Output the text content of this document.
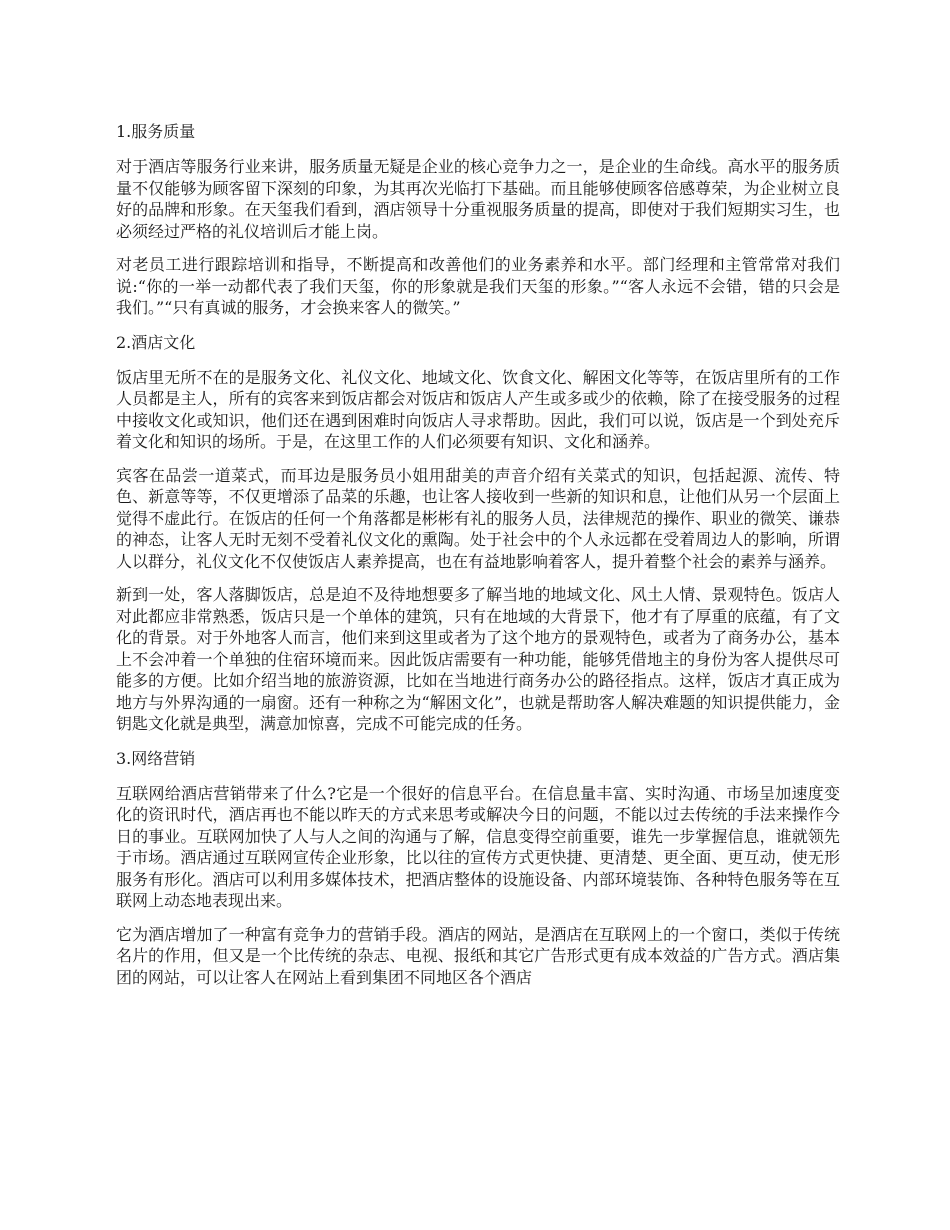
1.服务质量

对于酒店等服务行业来讲，服务质量无疑是企业的核心竞争力之一，是企业的生命线。高水平的服务质量不仅能够为顾客留下深刻的印象，为其再次光临打下基础。而且能够使顾客倍感尊荣，为企业树立良好的品牌和形象。在天玺我们看到，酒店领导十分重视服务质量的提高，即使对于我们短期实习生，也必须经过严格的礼仪培训后才能上岗。

对老员工进行跟踪培训和指导，不断提高和改善他们的业务素养和水平。部门经理和主管常常对我们说:“你的一举一动都代表了我们天玺，你的形象就是我们天玺的形象。”“客人永远不会错，错的只会是我们。”“只有真诚的服务，才会换来客人的微笑。”

2.酒店文化

饭店里无所不在的是服务文化、礼仪文化、地域文化、饮食文化、解困文化等等，在饭店里所有的工作人员都是主人，所有的宾客来到饭店都会对饭店和饭店人产生或多或少的依赖，除了在接受服务的过程中接收文化或知识，他们还在遇到困难时向饭店人寻求帮助。因此，我们可以说，饭店是一个到处充斥着文化和知识的场所。于是，在这里工作的人们必须要有知识、文化和涵养。

宾客在品尝一道菜式，而耳边是服务员小姐用甜美的声音介绍有关菜式的知识，包括起源、流传、特色、新意等等，不仅更增添了品菜的乐趣，也让客人接收到一些新的知识和息，让他们从另一个层面上觉得不虚此行。在饭店的任何一个角落都是彬彬有礼的服务人员，法律规范的操作、职业的微笑、谦恭的神态，让客人无时无刻不受着礼仪文化的熏陶。处于社会中的个人永远都在受着周边人的影响，所谓人以群分，礼仪文化不仅使饭店人素养提高，也在有益地影响着客人，提升着整个社会的素养与涵养。

新到一处，客人落脚饭店，总是迫不及待地想要多了解当地的地域文化、风土人情、景观特色。饭店人对此都应非常熟悉，饭店只是一个单体的建筑，只有在地域的大背景下，他才有了厚重的底蕴，有了文化的背景。对于外地客人而言，他们来到这里或者为了这个地方的景观特色，或者为了商务办公，基本上不会冲着一个单独的住宿环境而来。因此饭店需要有一种功能，能够凭借地主的身份为客人提供尽可能多的方便。比如介绍当地的旅游资源，比如在当地进行商务办公的路径指点。这样，饭店才真正成为地方与外界沟通的一扇窗。还有一种称之为“解困文化”，也就是帮助客人解决难题的知识提供能力，金钥匙文化就是典型，满意加惊喜，完成不可能完成的任务。

3.网络营销

互联网给酒店营销带来了什么?它是一个很好的信息平台。在信息量丰富、实时沟通、市场呈加速度变化的资讯时代，酒店再也不能以昨天的方式来思考或解决今日的问题，不能以过去传统的手法来操作今日的事业。互联网加快了人与人之间的沟通与了解，信息变得空前重要，谁先一步掌握信息，谁就领先于市场。酒店通过互联网宣传企业形象，比以往的宣传方式更快捷、更清楚、更全面、更互动，使无形服务有形化。酒店可以利用多媒体技术，把酒店整体的设施设备、内部环境装饰、各种特色服务等在互联网上动态地表现出来。

它为酒店增加了一种富有竞争力的营销手段。酒店的网站，是酒店在互联网上的一个窗口，类似于传统名片的作用，但又是一个比传统的杂志、电视、报纸和其它广告形式更有成本效益的广告方式。酒店集团的网站，可以让客人在网站上看到集团不同地区各个酒店
